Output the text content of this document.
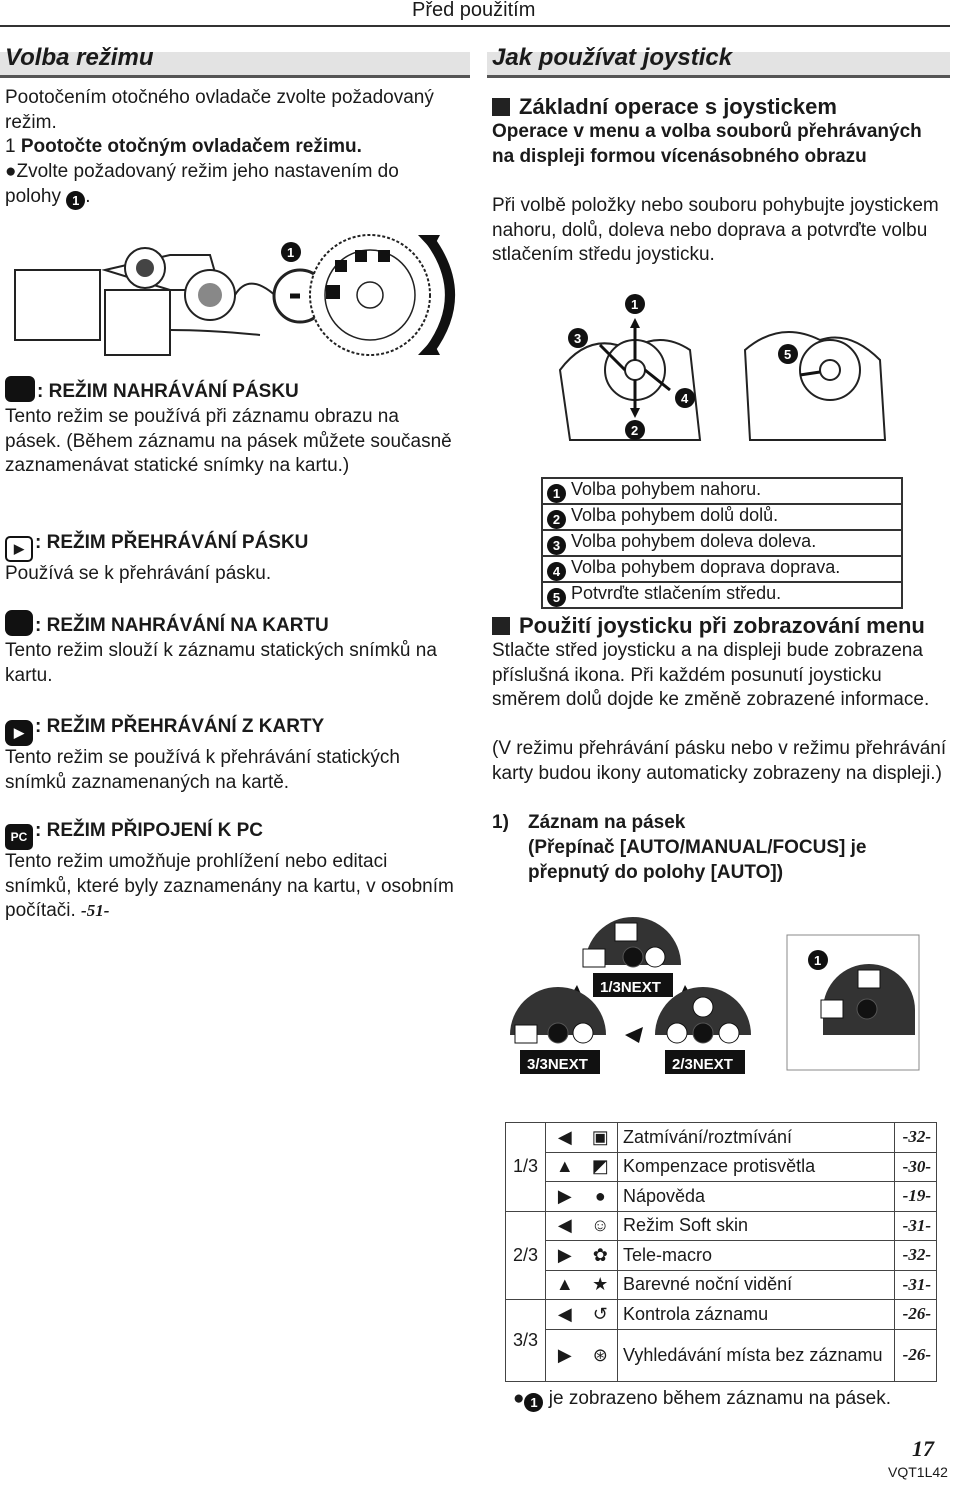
Před použitím
Volba režimu
Pootočením otočného ovladače zvolte požadovaný režim.
1 Pootočte otočným ovladačem režimu.
●Zvolte požadovaný režim jeho nastavením do polohy 1 .
1
: REŽIM NAHRÁVÁNÍ PÁSKU
Tento režim se používá při záznamu obrazu na pásek. (Během záznamu na pásek můžete současně zaznamenávat statické snímky na kartu.)
▶ : REŽIM PŘEHRÁVÁNÍ PÁSKU
Používá se k přehrávání pásku.
: REŽIM NAHRÁVÁNÍ NA KARTU
Tento režim slouží k záznamu statických snímků na kartu.
▶ : REŽIM PŘEHRÁVÁNÍ Z KARTY
Tento režim se používá k přehrávání statických snímků zaznamenaných na kartě.
PC : REŽIM PŘIPOJENÍ K PC
Tento režim umožňuje prohlížení nebo editaci snímků, které byly zaznamenány na kartu, v osobním počítači. -51-
Jak používat joystick
Základní operace s joystickem
Operace v menu a volba souborů přehrávaných na displeji formou vícenásobného obrazu
Při volbě položky nebo souboru pohybujte joystickem nahoru, dolů, doleva nebo doprava a potvrďte volbu stlačením středu joysticku.
1
2
3
4
5
1 Volba pohybem nahoru.
2 Volba pohybem dolů dolů.
3 Volba pohybem doleva doleva.
4 Volba pohybem doprava doprava.
5 Potvrďte stlačením středu.
Použití joysticku při zobrazování menu
Stlačte střed joysticku a na displeji bude zobrazena příslušná ikona. Při každém posunutí joysticku směrem dolů dojde ke změně zobrazené informace.
(V režimu přehrávání pásku nebo v režimu přehrávání karty budou ikony automaticky zobrazeny na displeji.)
1) Záznam na pásek
(Přepínač [AUTO/MANUAL/FOCUS] je přepnutý do polohy [AUTO])
1/3NEXT
3/3NEXT	2/3NEXT
1
1/3	◀	▣	Zatmívání/roztmívání	-32-
	▲	◩	Kompenzace protisvětla	-30-
	▶	●	Nápověda	-19-
2/3	◀	☺	Režim Soft skin	-31-
	▶	✿	Tele-macro	-32-
	▲	★	Barevné noční vidění	-31-
3/3	◀	↺	Kontrola záznamu	-26-
	▶	⊛	Vyhledávání místa bez záznamu	-26-
● 1 je zobrazeno během záznamu na pásek.
17
VQT1L42
